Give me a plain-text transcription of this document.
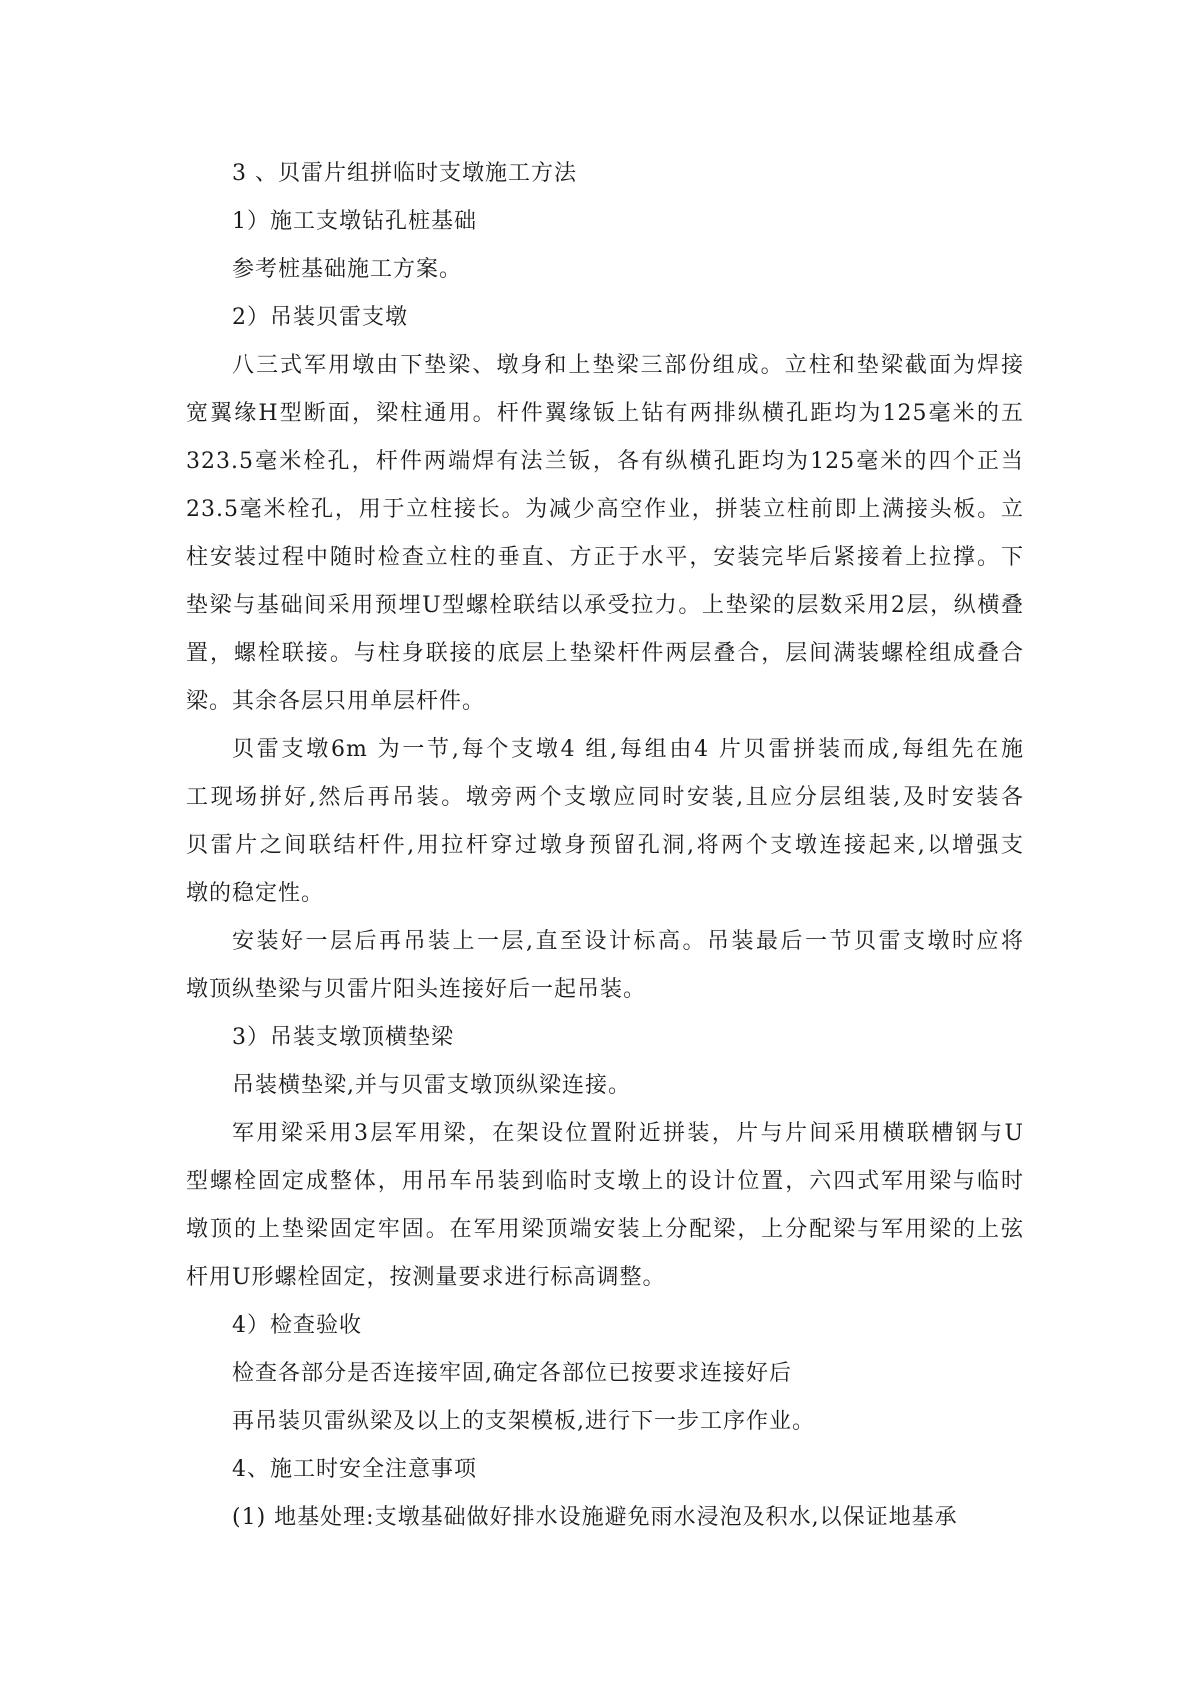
3 、贝雷片组拼临时支墩施工方法
1）施工支墩钻孔桩基础
参考桩基础施工方案。
2）吊装贝雷支墩
八三式军用墩由下垫梁、墩身和上垫梁三部份组成。立柱和垫梁截面为焊接
宽翼缘H型断面，梁柱通用。杆件翼缘钣上钻有两排纵横孔距均为125毫米的五
323.5毫米栓孔，杆件两端焊有法兰钣，各有纵横孔距均为125毫米的四个正当
23.5毫米栓孔，用于立柱接长。为减少高空作业，拼装立柱前即上满接头板。立
柱安装过程中随时检查立柱的垂直、方正于水平，安装完毕后紧接着上拉撑。下
垫梁与基础间采用预埋U型螺栓联结以承受拉力。上垫梁的层数采用2层，纵横叠
置，螺栓联接。与柱身联接的底层上垫梁杆件两层叠合，层间满装螺栓组成叠合
梁。其余各层只用单层杆件。
贝雷支墩6m 为一节,每个支墩4 组,每组由4 片贝雷拼装而成,每组先在施
工现场拼好,然后再吊装。墩旁两个支墩应同时安装,且应分层组装,及时安装各
贝雷片之间联结杆件,用拉杆穿过墩身预留孔洞,将两个支墩连接起来,以增强支
墩的稳定性。
安装好一层后再吊装上一层,直至设计标高。吊装最后一节贝雷支墩时应将
墩顶纵垫梁与贝雷片阳头连接好后一起吊装。
3）吊装支墩顶横垫梁
吊装横垫梁,并与贝雷支墩顶纵梁连接。
军用梁采用3层军用梁，在架设位置附近拼装，片与片间采用横联槽钢与U
型螺栓固定成整体，用吊车吊装到临时支墩上的设计位置，六四式军用梁与临时
墩顶的上垫梁固定牢固。在军用梁顶端安装上分配梁，上分配梁与军用梁的上弦
杆用U形螺栓固定，按测量要求进行标高调整。
4）检查验收
检查各部分是否连接牢固,确定各部位已按要求连接好后
再吊装贝雷纵梁及以上的支架模板,进行下一步工序作业。
4、施工时安全注意事项
(1) 地基处理:支墩基础做好排水设施避免雨水浸泡及积水,以保证地基承
